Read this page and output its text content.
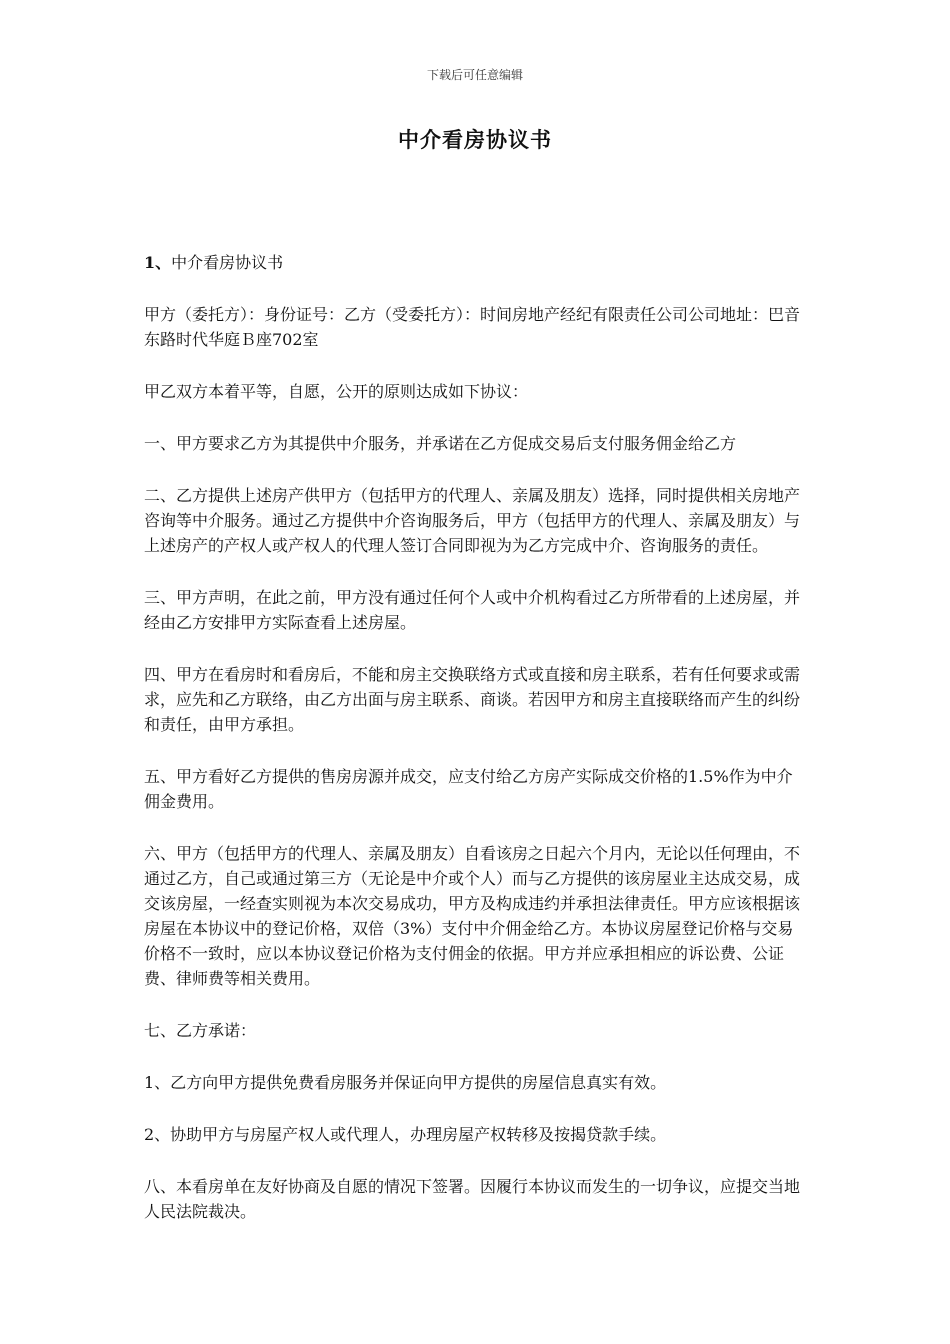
下载后可任意编辑
中介看房协议书

1、中介看房协议书

甲方（委托方）：身份证号：乙方（受委托方）：时间房地产经纪有限责任公司公司地址：巴音东路时代华庭Ｂ座702室

甲乙双方本着平等，自愿，公开的原则达成如下协议：

一、甲方要求乙方为其提供中介服务，并承诺在乙方促成交易后支付服务佣金给乙方

二、乙方提供上述房产供甲方（包括甲方的代理人、亲属及朋友）选择，同时提供相关房地产咨询等中介服务。通过乙方提供中介咨询服务后，甲方（包括甲方的代理人、亲属及朋友）与上述房产的产权人或产权人的代理人签订合同即视为为乙方完成中介、咨询服务的责任。

三、甲方声明，在此之前，甲方没有通过任何个人或中介机构看过乙方所带看的上述房屋，并经由乙方安排甲方实际查看上述房屋。

四、甲方在看房时和看房后，不能和房主交换联络方式或直接和房主联系，若有任何要求或需求，应先和乙方联络，由乙方出面与房主联系、商谈。若因甲方和房主直接联络而产生的纠纷和责任，由甲方承担。

五、甲方看好乙方提供的售房房源并成交，应支付给乙方房产实际成交价格的1.5%作为中介佣金费用。

六、甲方（包括甲方的代理人、亲属及朋友）自看该房之日起六个月内，无论以任何理由，不通过乙方，自己或通过第三方（无论是中介或个人）而与乙方提供的该房屋业主达成交易，成交该房屋，一经查实则视为本次交易成功，甲方及构成违约并承担法律责任。甲方应该根据该房屋在本协议中的登记价格，双倍（3%）支付中介佣金给乙方。本协议房屋登记价格与交易价格不一致时，应以本协议登记价格为支付佣金的依据。甲方并应承担相应的诉讼费、公证费、律师费等相关费用。

七、乙方承诺：

1、乙方向甲方提供免费看房服务并保证向甲方提供的房屋信息真实有效。

2、协助甲方与房屋产权人或代理人，办理房屋产权转移及按揭贷款手续。

八、本看房单在友好协商及自愿的情况下签署。因履行本协议而发生的一切争议，应提交当地人民法院裁决。
